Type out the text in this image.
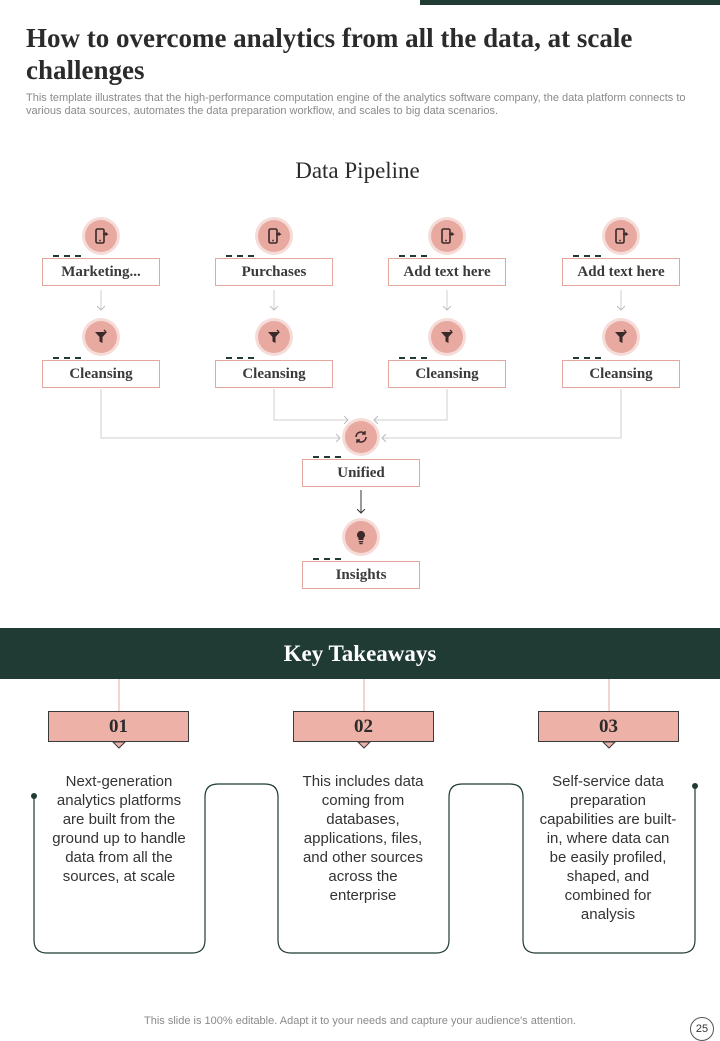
How to overcome analytics from all the data, at scale challenges

This template illustrates that the high-performance computation engine of the analytics software company, the data platform connects to various data sources, automates the data preparation workflow, and scales to big data scenarios.

Data Pipeline
Marketing...	Purchases	Add text here	Add text here
Cleansing	Cleansing	Cleansing	Cleansing
Unified
Insights
Key Takeaways
01	02	03
Next-generation analytics platforms are built from the ground up to handle data from all the sources, at scale
This includes data coming from databases, applications, files, and other sources across the enterprise
Self-service data preparation capabilities are built-in, where data can be easily profiled, shaped, and combined for analysis
This slide is 100% editable. Adapt it to your needs and capture your audience's attention.
25
